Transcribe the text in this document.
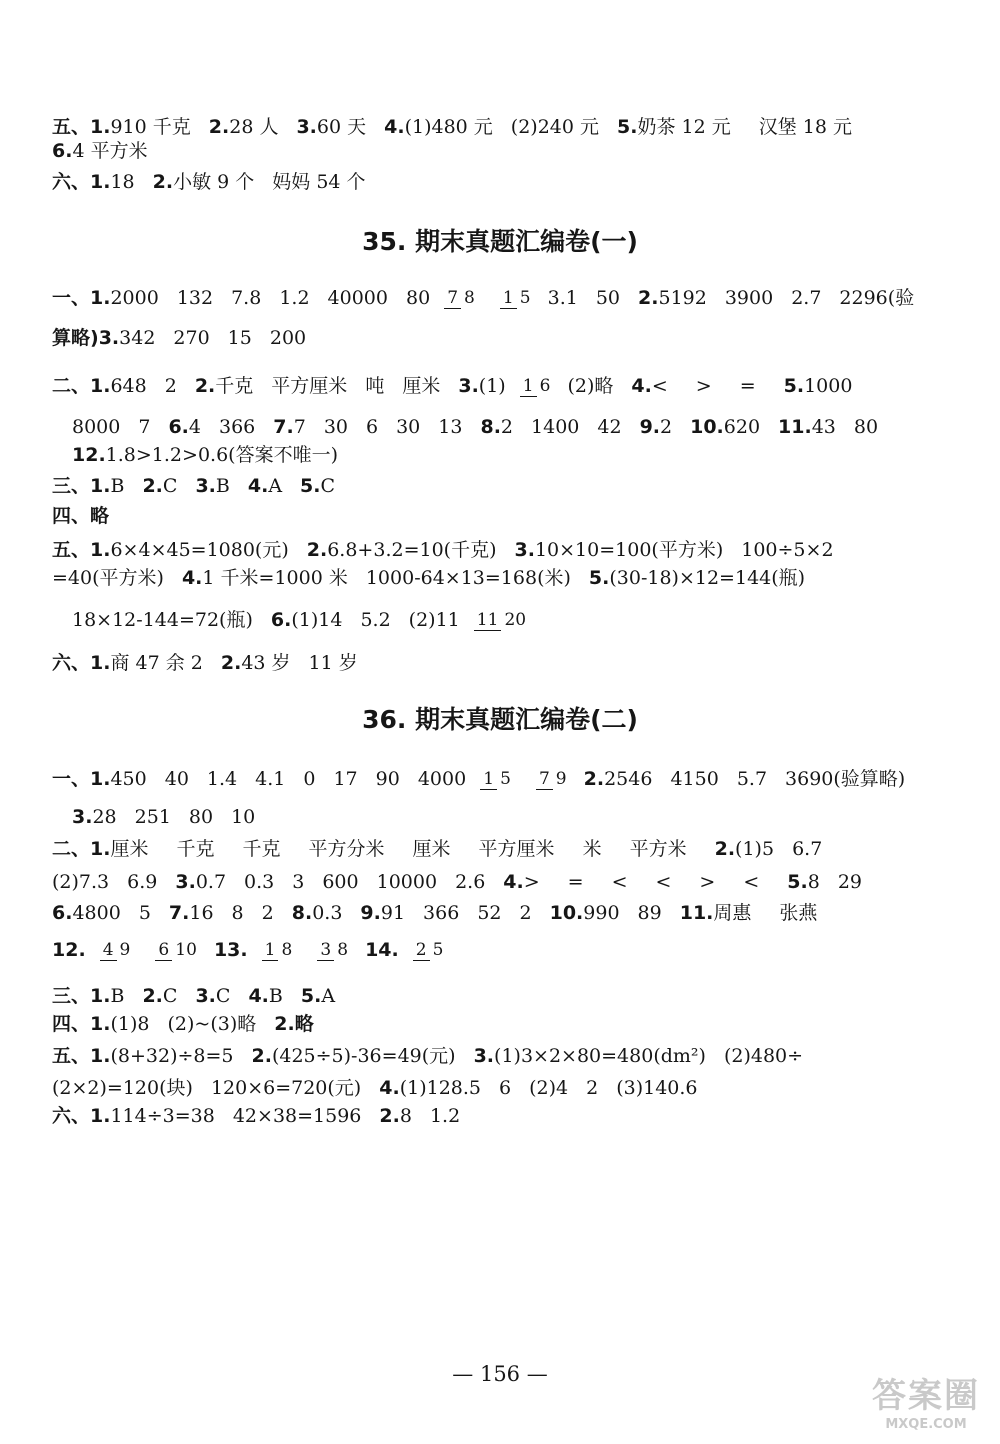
五、1.910 千克 2.28 人 3.60 天 4.(1)480 元 (2)240 元 5.奶茶 12 元 汉堡 18 元
6.4 平方米
六、1.18 2.小敏 9 个 妈妈 54 个
35. 期末真题汇编卷(一)
一、1.2000 132 7.8 1.2 40000 80 7 8 1 5 3.1 50 2.5192 3900 2.7 2296(验
算略)3.342 270 15 200
二、1.648 2 2.千克 平方厘米 吨 厘米 3.(1) 1 6 (2)略 4.< > = 5.1000
8000 7 6.4 366 7.7 30 6 30 13 8.2 1400 42 9.2 10.620 11.43 80
12.1.8>1.2>0.6(答案不唯一)
三、1.B 2.C 3.B 4.A 5.C
四、略
五、1.6×4×45=1080(元) 2.6.8+3.2=10(千克) 3.10×10=100(平方米) 100÷5×2
=40(平方米) 4.1 千米=1000 米 1000-64×13=168(米) 5.(30-18)×12=144(瓶)
18×12-144=72(瓶) 6.(1)14 5.2 (2)11 11 20
六、1.商 47 余 2 2.43 岁 11 岁
36. 期末真题汇编卷(二)
一、1.450 40 1.4 4.1 0 17 90 4000 1 5 7 9 2.2546 4150 5.7 3690(验算略)
3.28 251 80 10
二、1.厘米 千克 千克 平方分米 厘米 平方厘米 米 平方米 2.(1)5 6.7
(2)7.3 6.9 3.0.7 0.3 3 600 10000 2.6 4.> = < < > < 5.8 29
6.4800 5 7.16 8 2 8.0.3 9.91 366 52 2 10.990 89 11.周惠 张燕
12. 4 9 6 10 13. 1 8 3 8 14. 2 5
三、1.B 2.C 3.C 4.B 5.A
四、1.(1)8 (2)~(3)略 2.略
五、1.(8+32)÷8=5 2.(425÷5)-36=49(元) 3.(1)3×2×80=480(dm²) (2)480÷
(2×2)=120(块) 120×6=720(元) 4.(1)128.5 6 (2)4 2 (3)140.6
六、1.114÷3=38 42×38=1596 2.8 1.2
— 156 —
答案圈
MXQE.COM
